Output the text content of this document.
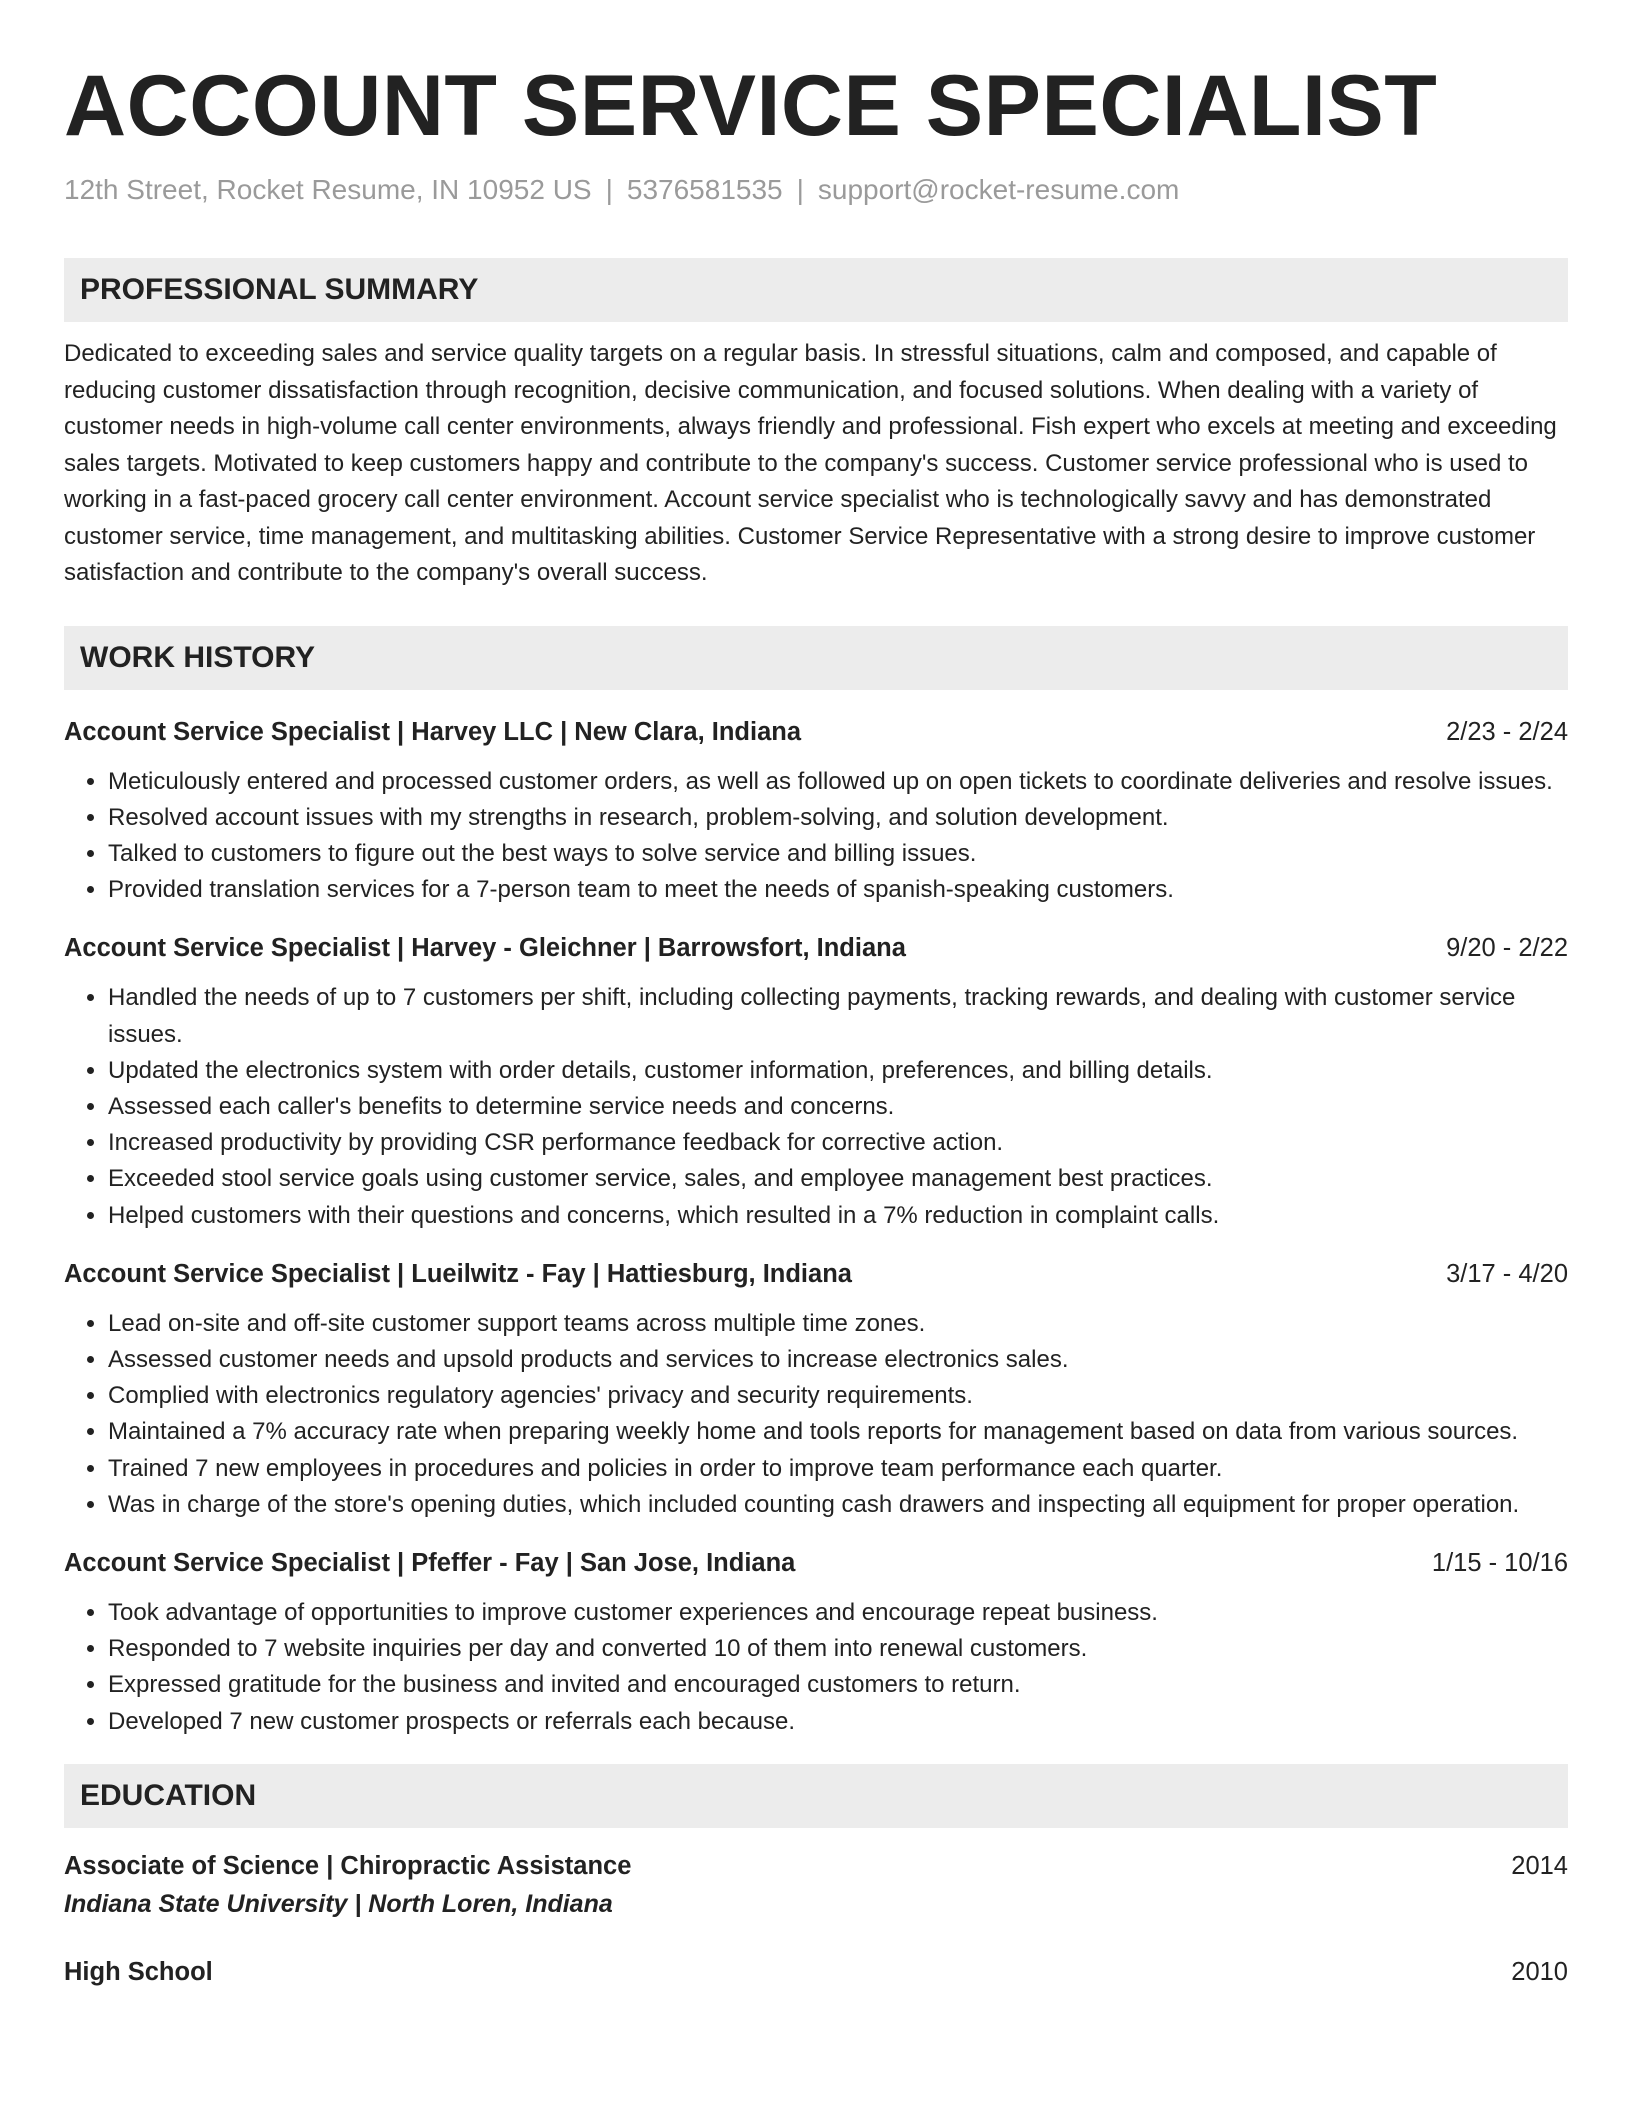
ACCOUNT SERVICE SPECIALIST
12th Street, Rocket Resume, IN 10952 US | 5376581535 | support@rocket-resume.com
PROFESSIONAL SUMMARY
Dedicated to exceeding sales and service quality targets on a regular basis. In stressful situations, calm and composed, and capable of reducing customer dissatisfaction through recognition, decisive communication, and focused solutions. When dealing with a variety of customer needs in high-volume call center environments, always friendly and professional. Fish expert who excels at meeting and exceeding sales targets. Motivated to keep customers happy and contribute to the company's success. Customer service professional who is used to working in a fast-paced grocery call center environment. Account service specialist who is technologically savvy and has demonstrated customer service, time management, and multitasking abilities. Customer Service Representative with a strong desire to improve customer satisfaction and contribute to the company's overall success.
WORK HISTORY
Account Service Specialist | Harvey LLC | New Clara, Indiana	2/23 - 2/24
• Meticulously entered and processed customer orders, as well as followed up on open tickets to coordinate deliveries and resolve issues.
• Resolved account issues with my strengths in research, problem-solving, and solution development.
• Talked to customers to figure out the best ways to solve service and billing issues.
• Provided translation services for a 7-person team to meet the needs of spanish-speaking customers.
Account Service Specialist | Harvey - Gleichner | Barrowsfort, Indiana	9/20 - 2/22
• Handled the needs of up to 7 customers per shift, including collecting payments, tracking rewards, and dealing with customer service issues.
• Updated the electronics system with order details, customer information, preferences, and billing details.
• Assessed each caller's benefits to determine service needs and concerns.
• Increased productivity by providing CSR performance feedback for corrective action.
• Exceeded stool service goals using customer service, sales, and employee management best practices.
• Helped customers with their questions and concerns, which resulted in a 7% reduction in complaint calls.
Account Service Specialist | Lueilwitz - Fay | Hattiesburg, Indiana	3/17 - 4/20
• Lead on-site and off-site customer support teams across multiple time zones.
• Assessed customer needs and upsold products and services to increase electronics sales.
• Complied with electronics regulatory agencies' privacy and security requirements.
• Maintained a 7% accuracy rate when preparing weekly home and tools reports for management based on data from various sources.
• Trained 7 new employees in procedures and policies in order to improve team performance each quarter.
• Was in charge of the store's opening duties, which included counting cash drawers and inspecting all equipment for proper operation.
Account Service Specialist | Pfeffer - Fay | San Jose, Indiana	1/15 - 10/16
• Took advantage of opportunities to improve customer experiences and encourage repeat business.
• Responded to 7 website inquiries per day and converted 10 of them into renewal customers.
• Expressed gratitude for the business and invited and encouraged customers to return.
• Developed 7 new customer prospects or referrals each because.
EDUCATION
Associate of Science | Chiropractic Assistance	2014
Indiana State University | North Loren, Indiana
High School	2010
